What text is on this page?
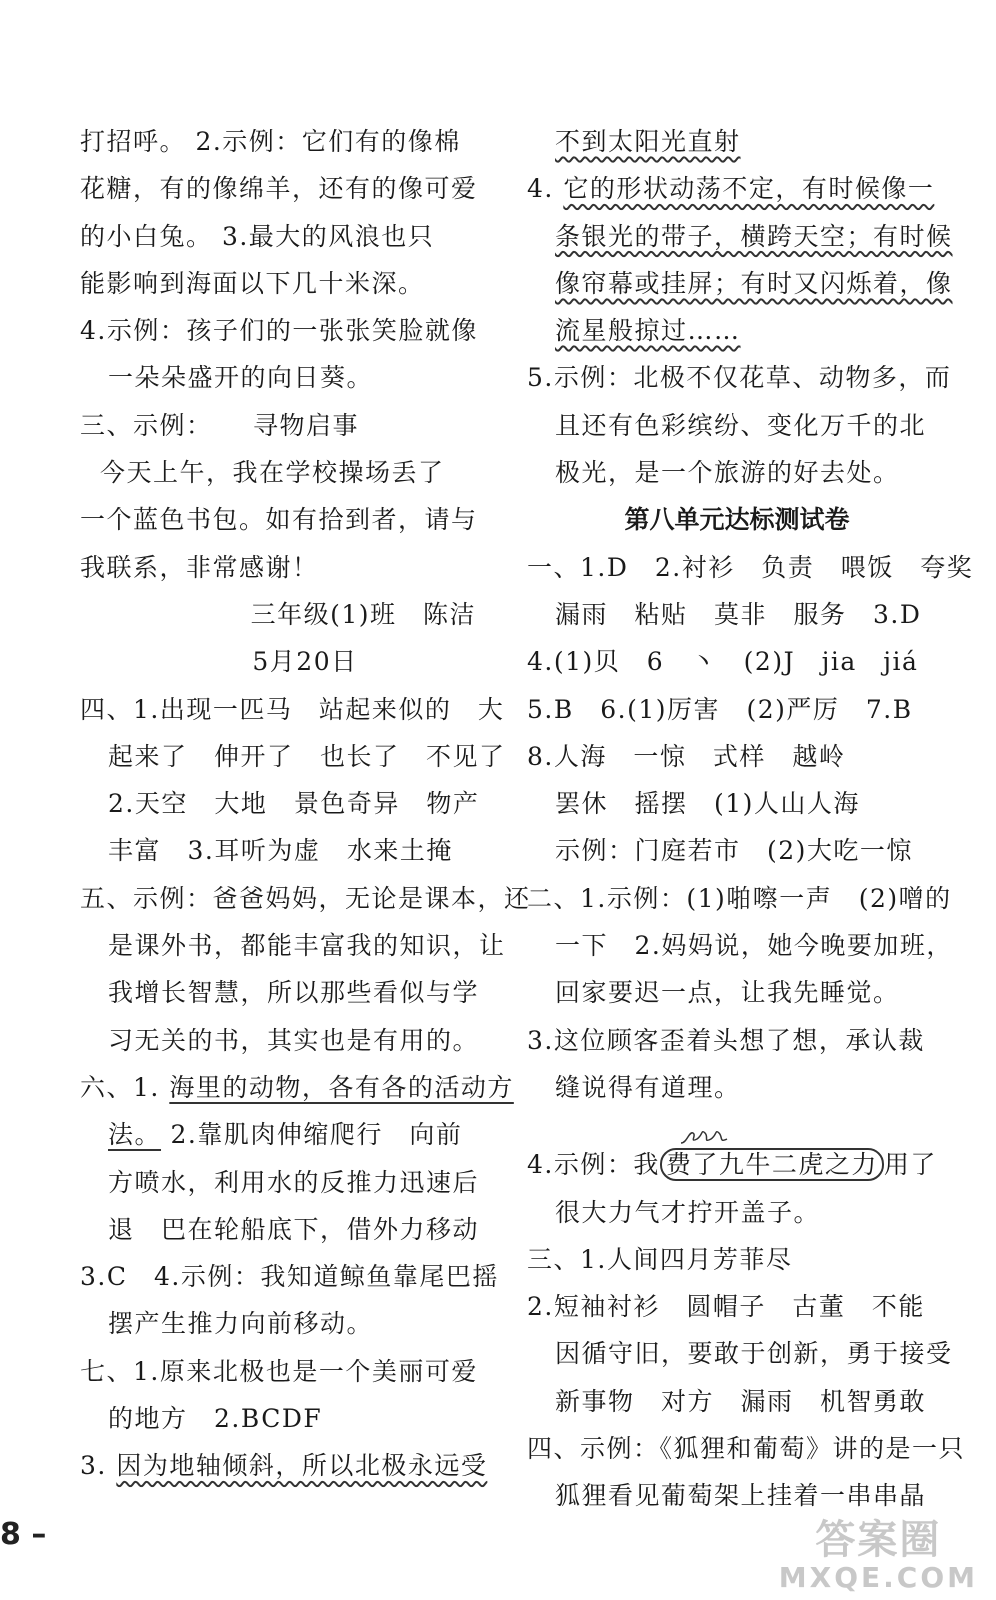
打招呼。 2.示例：它们有的像棉
花糖，有的像绵羊，还有的像可爱
的小白兔。 3.最大的风浪也只
能影响到海面以下几十米深。
4.示例：孩子们的一张张笑脸就像
一朵朵盛开的向日葵。
三、示例：　　寻物启事
今天上午，我在学校操场丢了
一个蓝色书包。如有拾到者，请与
我联系，非常感谢！
三年级(1)班　陈洁
5月20日
四、1.出现一匹马　站起来似的　大
起来了　伸开了　也长了　不见了
2.天空　大地　景色奇异　物产
丰富　3.耳听为虚　水来土掩
五、示例：爸爸妈妈，无论是课本，还
是课外书，都能丰富我的知识，让
我增长智慧，所以那些看似与学
习无关的书，其实也是有用的。
六、1. 海里的动物，各有各的活动方
法。 2.靠肌肉伸缩爬行　向前
方喷水，利用水的反推力迅速后
退　巴在轮船底下，借外力移动
3.C　4.示例：我知道鲸鱼靠尾巴摇
摆产生推力向前移动。
七、1.原来北极也是一个美丽可爱
的地方　2.BCDF
3. 因为地轴倾斜，所以北极永远受
不到太阳光直射
4. 它的形状动荡不定，有时候像一
条银光的带子，横跨天空；有时候
像帘幕或挂屏；有时又闪烁着，像
流星般掠过……
5.示例：北极不仅花草、动物多，而
且还有色彩缤纷、变化万千的北
极光，是一个旅游的好去处。
第八单元达标测试卷
一、1.D　2.衬衫　负责　喂饭　夸奖
漏雨　粘贴　莫非　服务　3.D
4.(1)贝　6　丶　(2)J　jia　jiá
5.B　6.(1)厉害　(2)严厉　7.B
8.人海　一惊　式样　越岭
罢休　摇摆　(1)人山人海
示例：门庭若市　(2)大吃一惊
二、1.示例：(1)啪嚓一声　(2)噌的
一下　2.妈妈说，她今晚要加班，
回家要迟一点，让我先睡觉。
3.这位顾客歪着头想了想，承认裁
缝说得有道理。
4.示例：我 费了九牛二虎之力 用了
很大力气才拧开盖子。
三、1.人间四月芳菲尽
2.短袖衬衫　圆帽子　古董　不能
因循守旧，要敢于创新，勇于接受
新事物　对方　漏雨　机智勇敢
四、示例：《狐狸和葡萄》讲的是一只
狐狸看见葡萄架上挂着一串串晶
8 –	答案圈
MXQE.COM
